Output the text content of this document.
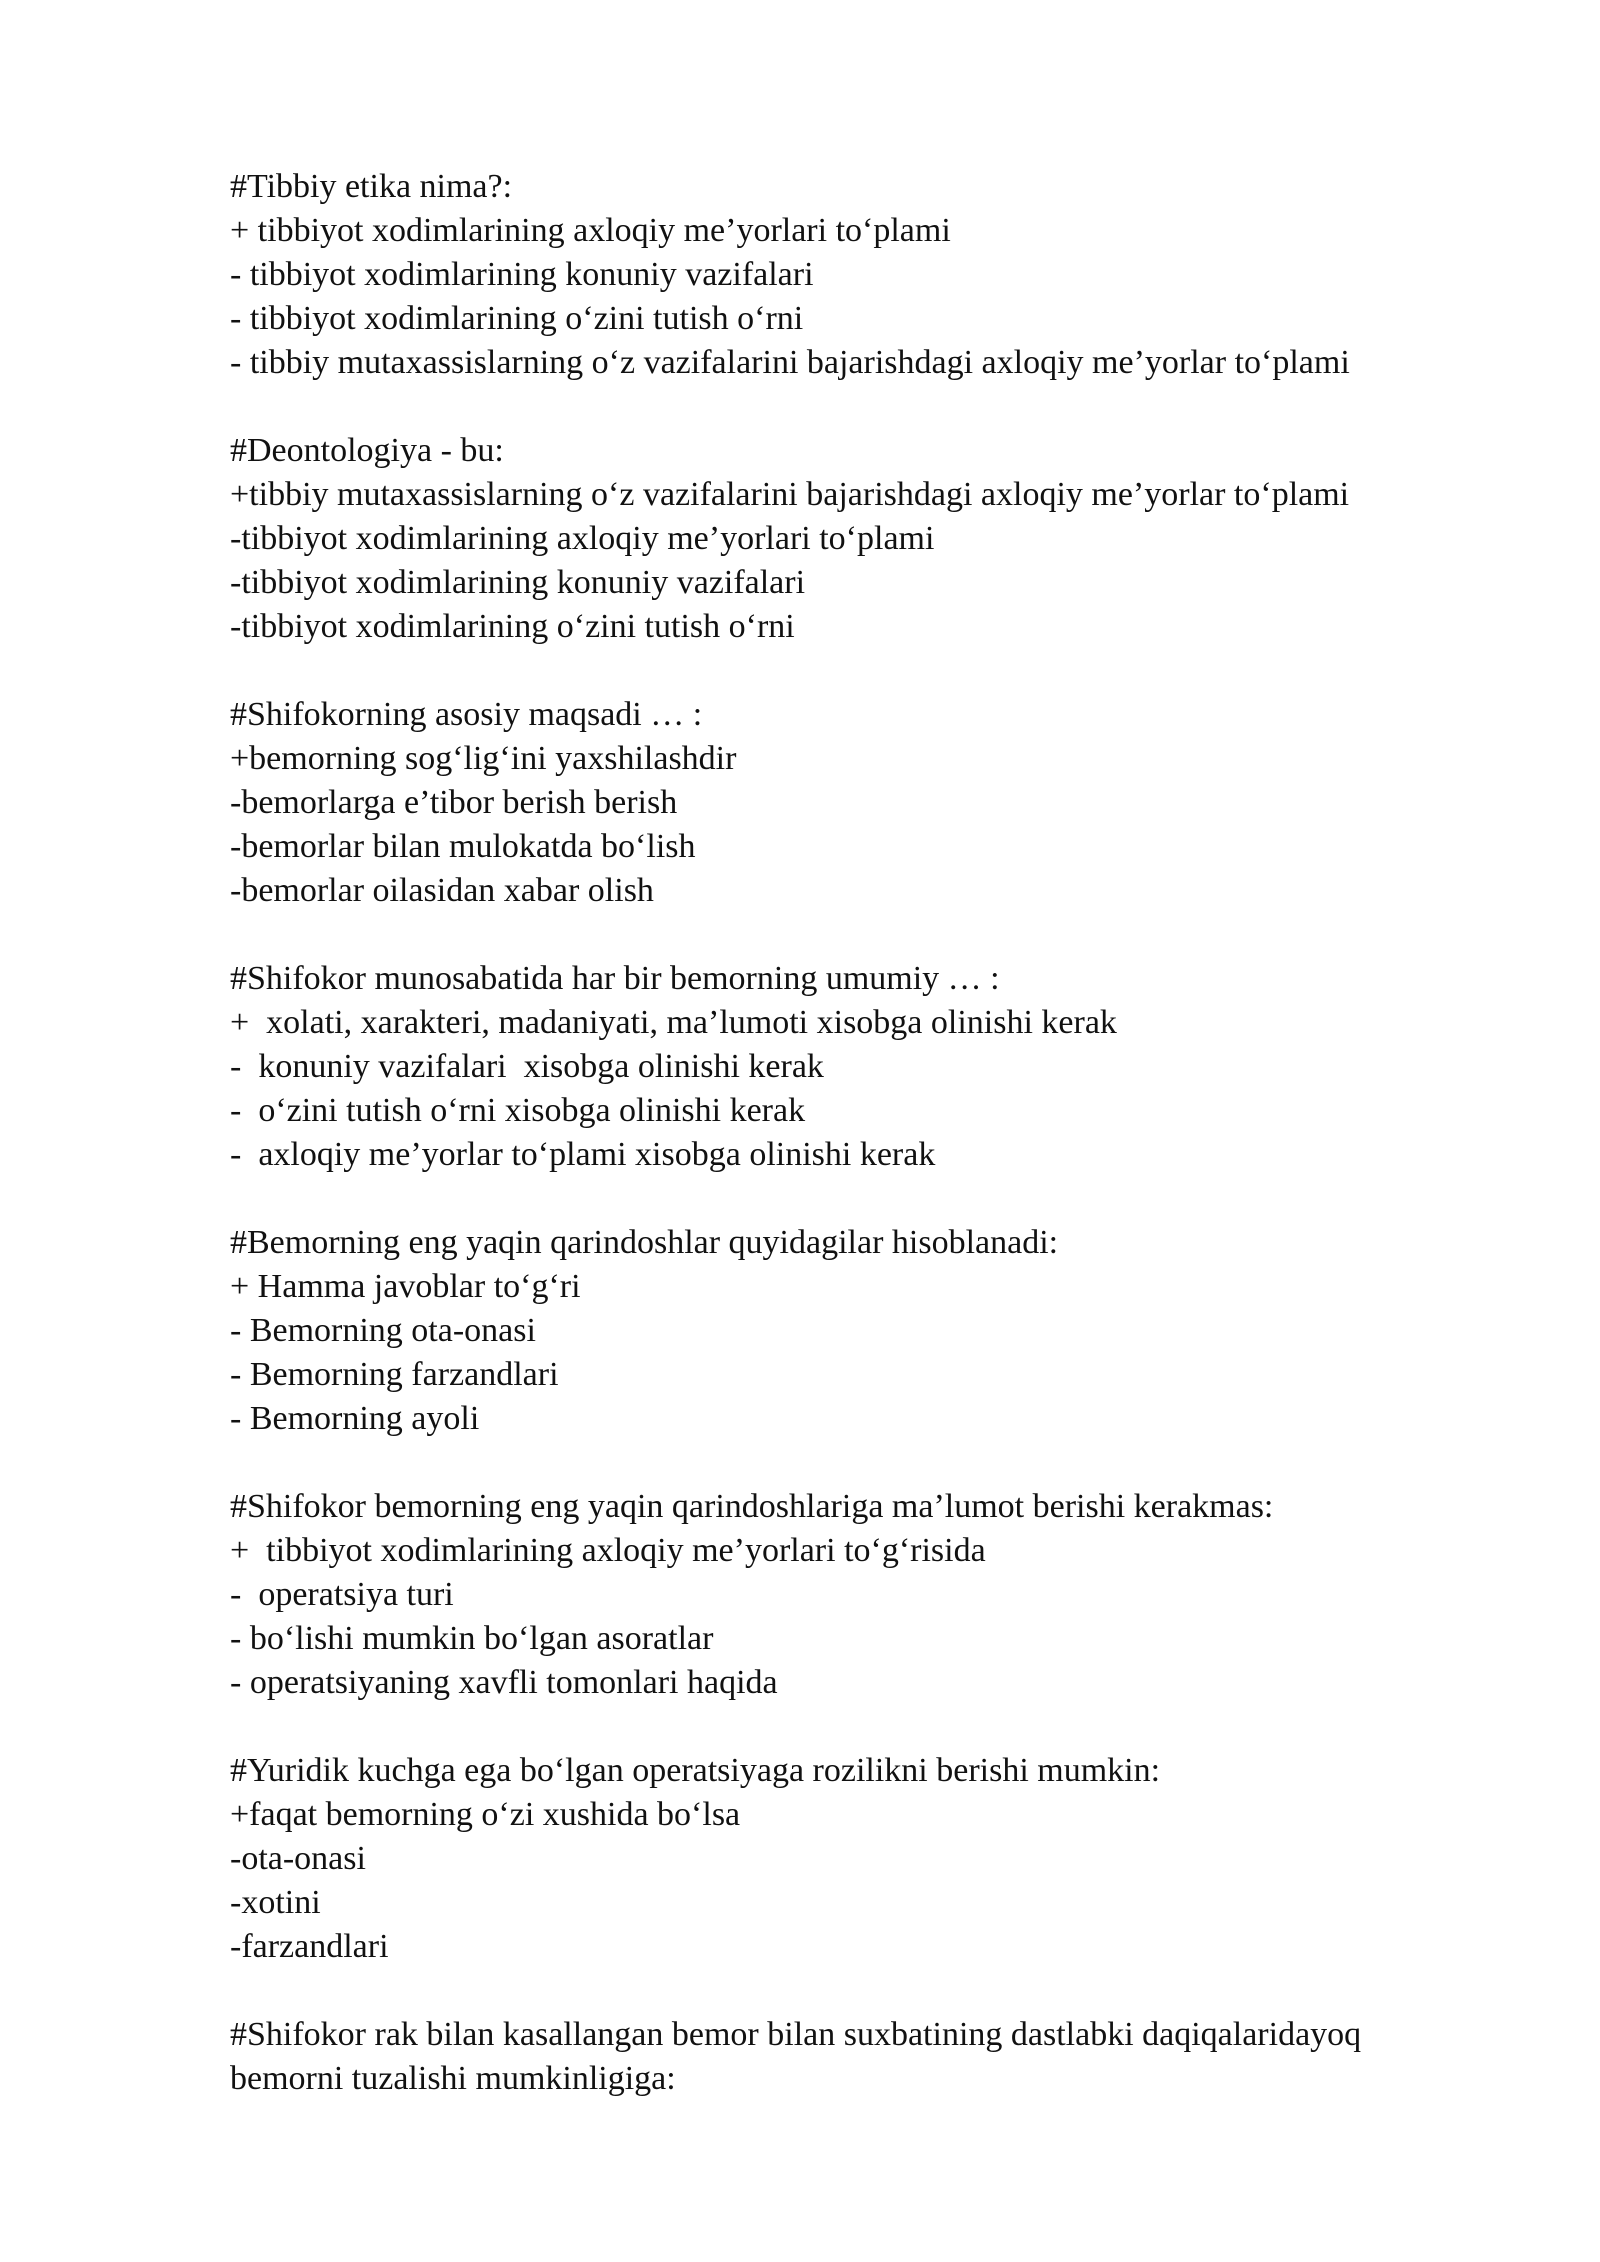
#Tibbiy etika nima?:
+ tibbiyot xodimlarining axloqiy me’yorlari to‘plami
- tibbiyot xodimlarining konuniy vazifalari
- tibbiyot xodimlarining o‘zini tutish o‘rni
- tibbiy mutaxassislarning o‘z vazifalarini bajarishdagi axloqiy me’yorlar to‘plami
#Deontologiya - bu:
+tibbiy mutaxassislarning o‘z vazifalarini bajarishdagi axloqiy me’yorlar to‘plami
-tibbiyot xodimlarining axloqiy me’yorlari to‘plami
-tibbiyot xodimlarining konuniy vazifalari
-tibbiyot xodimlarining o‘zini tutish o‘rni
#Shifokorning asosiy maqsadi … :
+bemorning sog‘lig‘ini yaxshilashdir
-bemorlarga e’tibor berish berish
-bemorlar bilan mulokatda bo‘lish
-bemorlar oilasidan xabar olish
#Shifokor munosabatida har bir bemorning umumiy … :
+  xolati, xarakteri, madaniyati, ma’lumoti xisobga olinishi kerak
-  konuniy vazifalari  xisobga olinishi kerak
-  o‘zini tutish o‘rni xisobga olinishi kerak
-  axloqiy me’yorlar to‘plami xisobga olinishi kerak
#Bemorning eng yaqin qarindoshlar quyidagilar hisoblanadi:
+ Hamma javoblar to‘g‘ri
- Bemorning ota-onasi
- Bemorning farzandlari
- Bemorning ayoli
#Shifokor bemorning eng yaqin qarindoshlariga ma’lumot berishi kerakmas:
+  tibbiyot xodimlarining axloqiy me’yorlari to‘g‘risida
-  operatsiya turi
- bo‘lishi mumkin bo‘lgan asoratlar
- operatsiyaning xavfli tomonlari haqida
#Yuridik kuchga ega bo‘lgan operatsiyaga rozilikni berishi mumkin:
+faqat bemorning o‘zi xushida bo‘lsa
-ota-onasi
-xotini
-farzandlari
#Shifokor rak bilan kasallangan bemor bilan suxbatining dastlabki daqiqalaridayoq
bemorni tuzalishi mumkinligiga:
